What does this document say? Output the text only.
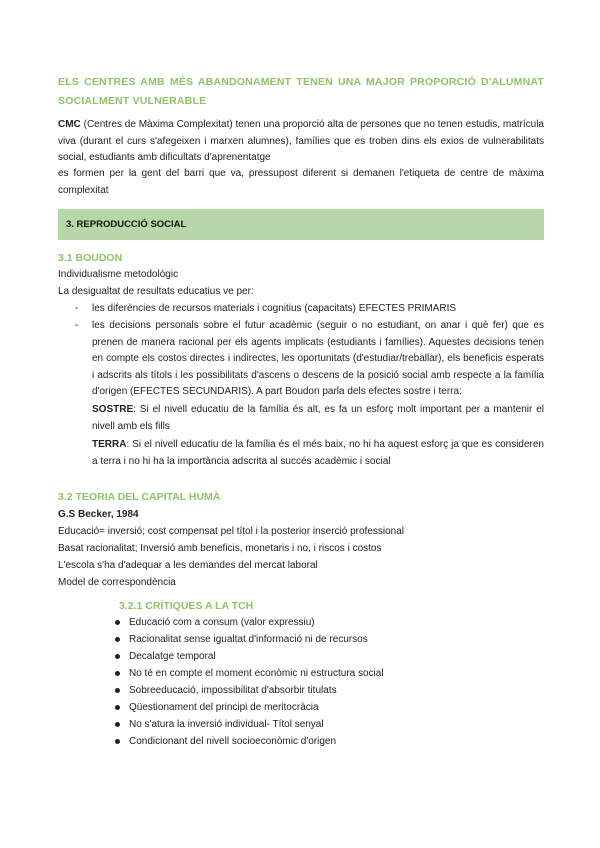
ELS CENTRES AMB MÉS ABANDONAMENT TENEN UNA MAJOR PROPORCIÓ D'ALUMNAT SOCIALMENT VULNERABLE
CMC (Centres de Màxima Complexitat) tenen una proporció alta de persones que no tenen estudis, matrícula viva (durant el curs s'afegeixen i marxen alumnes), famílies que es troben dins els exios de vulnerabilitats social, estudiants amb dificultats d'aprenentatge
es formen per la gent del barri que va, pressupost diferent si demanen l'etiqueta de centre de màxima complexitat
3. REPRODUCCIÓ SOCIAL
3.1 BOUDON
Individualisme metodològic
La desigualtat de resultats educatius ve per:
- les diferències de recursos materials i cognitius (capacitats) EFECTES PRIMARIS
- les decisions personals sobre el futur acadèmic (seguir o no estudiant, on anar i què fer) que es prenen de manera racional per els agents implicats (estudiants i famílies). Aquestes decisions tenen en compte els costos directes i indirectes, les oportunitats (d'estudiar/treballar), els beneficis esperats i adscrits als títols i les possibilitats d'ascens o descens de la posició social amb respecte a la família d'origen (EFECTES SECUNDARIS). A part Boudon parla dels efectes sostre i terra:
SOSTRE: Si el nivell educatiu de la família és alt, es fa un esforç molt important per a mantenir el nivell amb els fills
TERRA: Si el nivell educatiu de la família és el més baix, no hi ha aquest esforç ja que es consideren a terra i no hi ha la importància adscrita al succés acadèmic i social
3.2 TEORIA DEL CAPITAL HUMÀ
G.S Becker, 1984
Educació= inversió; cost compensat pel títol i la posterior inserció professional
Basat racionalitat; Inversió amb beneficis, monetaris i no, i riscos i costos
L'escola s'ha d'adequar a les demandes del mercat laboral
Model de correspondència
3.2.1 CRÍTIQUES A LA TCH
Educació com a consum (valor expressiu)
Racionalitat sense igualtat d'informació ni de recursos
Decalatge temporal
No té en compte el moment econòmic ni estructura social
Sobreeducació, impossibilitat d'absorbir titulats
Qüestionament del principi de meritocràcia
No s'atura la inversió individual- Títol senyal
Condicionant del nivell socioeconòmic d'origen
